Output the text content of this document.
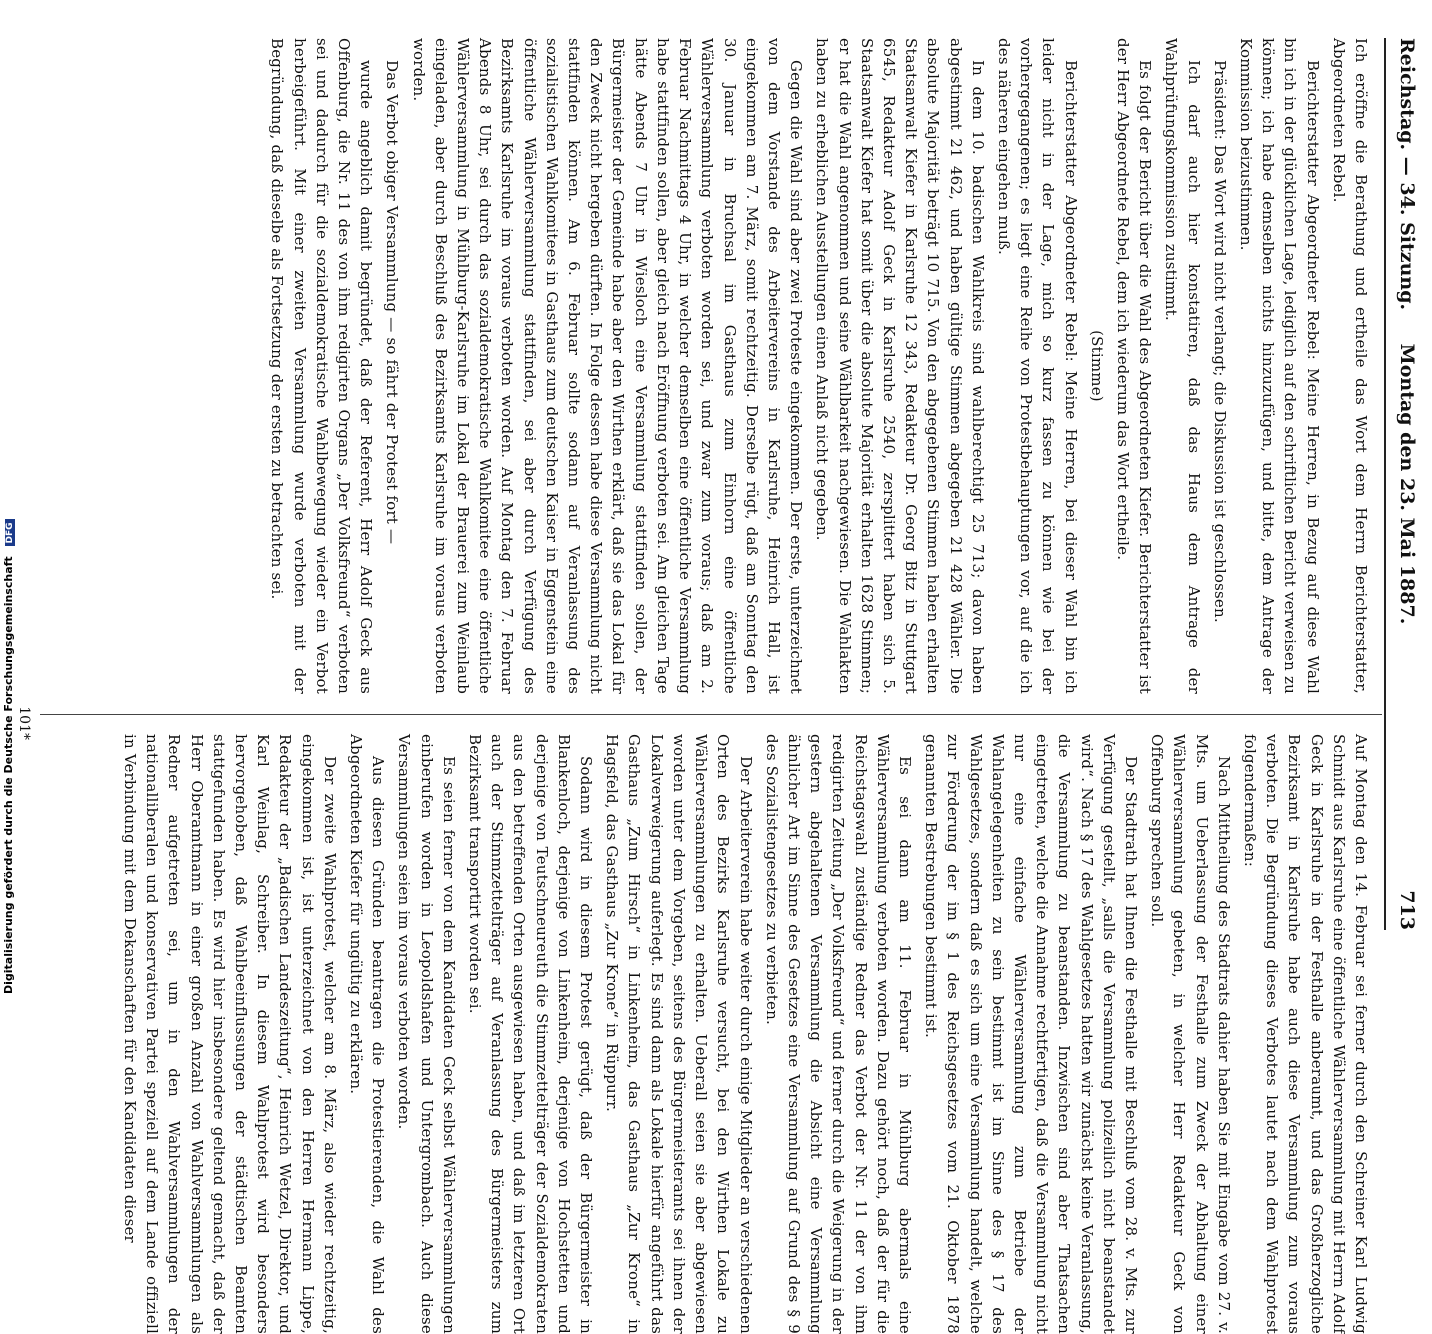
Reichstag. — 34. Sitzung.
Montag den 23. Mai 1887.
713

Ich eröffne die Berathung und ertheile das Wort dem Herrn Berichterstatter, Abgeordneten Rebel.

Berichterstatter Abgeordneter Rebel: Meine Herren, in Bezug auf diese Wahl bin ich in der glücklichen Lage, lediglich auf den schriftlichen Bericht verweisen zu können; ich habe demselben nichts hinzuzufügen, und bitte, dem Antrage der Kommission beizustimmen.

Präsident: Das Wort wird nicht verlangt; die Diskussion ist geschlossen.

Ich darf auch hier konstatiren, daß das Haus dem Antrage der Wahlprüfungskommission zustimmt.

Es folgt der Bericht über die Wahl des Abgeordneten Kiefer. Berichterstatter ist der Herr Abgeordnete Rebel, dem ich wiederum das Wort ertheile.

(Stimme)

Berichterstatter Abgeordneter Rebel: Meine Herren, bei dieser Wahl bin ich leider nicht in der Lage, mich so kurz fassen zu können wie bei der vorhergegangenen; es liegt eine Reihe von Protestbehauptungen vor, auf die ich des näheren eingehen muß.

In dem 10. badischen Wahlkreis sind wahlberechtigt 25 713; davon haben abgestimmt 21 462, und haben gültige Stimmen abgegeben 21 428 Wähler. Die absolute Majorität beträgt 10 715. Von den abgegebenen Stimmen haben erhalten Staatsanwalt Kiefer in Karlsruhe 12 343, Redakteur Dr. Georg Bitz in Stuttgart 6545, Redakteur Adolf Geck in Karlsruhe 2540, zersplittert haben sich 5. Staatsanwalt Kiefer hat somit über die absolute Majorität erhalten 1628 Stimmen; er hat die Wahl angenommen und seine Wählbarkeit nachgewiesen. Die Wahlakten haben zu erheblichen Ausstellungen einen Anlaß nicht gegeben.

Gegen die Wahl sind aber zwei Proteste eingekommen. Der erste, unterzeichnet von dem Vorstande des Arbeitervereins in Karlsruhe, Heinrich Hall, ist eingekommen am 7. März, somit rechtzeitig. Derselbe rügt, daß am Sonntag den 30. Januar in Bruchsal im Gasthaus zum Einhorn eine öffentliche Wählerversammlung verboten worden sei, und zwar zum voraus; daß am 2. Februar Nachmittags 4 Uhr, in welcher demselben eine öffentliche Versammlung habe stattfinden sollen, aber gleich nach Eröffnung verboten sei. Am gleichen Tage hätte Abends 7 Uhr in Wiesloch eine Versammlung stattfinden sollen, der Bürgermeister der Gemeinde habe aber den Wirthen erklärt, daß sie das Lokal für den Zweck nicht hergeben dürften. In Folge dessen habe diese Versammlung nicht stattfinden können. Am 6. Februar sollte sodann auf Veranlassung des sozialistischen Wahlkomitees in Gasthaus zum deutschen Kaiser in Eggenstein eine öffentliche Wählerversammlung stattfinden, sei aber durch Verfügung des Bezirksamts Karlsruhe im voraus verboten worden. Auf Montag den 7. Februar Abends 8 Uhr, sei durch das sozialdemokratische Wahlkomitee eine öffentliche Wählerversammlung in Mühlburg-Karlsruhe im Lokal der Brauerei zum Weinlaub eingeladen, aber durch Beschluß des Bezirksamts Karlsruhe im voraus verboten worden.

Das Verbot obiger Versammlung — so fährt der Protest fort —

wurde angeblich damit begründet, daß der Referent, Herr Adolf Geck aus Offenburg, die Nr. 11 des von ihm redigirten Organs „Der Volksfreund“ verboten sei und dadurch für die sozialdemokratische Wahlbewegung wieder ein Verbot herbeigeführt. Mit einer zweiten Versammlung wurde verboten mit der Begründung, daß dieselbe als Fortsetzung der ersten zu betrachten sei.

Auf Montag den 14. Februar sei ferner durch den Schreiner Karl Ludwig Schmidt aus Karlsruhe eine öffentliche Wählerversammlung mit Herrn Adolf Geck in Karlsruhe in der Festhalle anberaumt, und das Großherzogliche Bezirksamt in Karlsruhe habe auch diese Versammlung zum voraus verboten. Die Begründung dieses Verbotes lautet nach dem Wahlprotest folgendermaßen:

Nach Mittheilung des Stadtrats dahier haben Sie mit Eingabe vom 27. v. Mts. um Ueberlassung der Festhalle zum Zweck der Abhaltung einer Wählerversammlung gebeten, in welcher Herr Redakteur Geck von Offenburg sprechen soll.

Der Stadtrath hat Ihnen die Festhalle mit Beschluß vom 28. v. Mts. zur Verfügung gestellt, „salls die Versammlung polizeilich nicht beanstandet wird“. Nach § 17 des Wahlgesetzes hatten wir zunächst keine Veranlassung, die Versammlung zu beanstanden. Inzwischen sind aber Thatsachen eingetreten, welche die Annahme rechtfertigen, daß die Versammlung nicht nur eine einfache Wählerversammlung zum Betriebe der Wahlangelegenheiten zu sein bestimmt ist im Sinne des § 17 des Wahlgesetzes, sondern daß es sich um eine Versammlung handelt, welche zur Förderung der im § 1 des Reichsgesetzes vom 21. Oktober 1878 genannten Bestrebungen bestimmt ist.

Es sei dann am 11. Februar in Mühlburg abermals eine Wählerversammlung verboten worden. Dazu gehört noch, daß der für die Reichstagswahl zuständige Redner das Verbot der Nr. 11 der von ihm redigirten Zeitung „Der Volksfreund“ und ferner durch die Weigerung in der gestern abgehaltenen Versammlung die Absicht eine Versammlung ähnlicher Art im Sinne des Gesetzes eine Versammlung auf Grund des § 9 des Sozialistengesetzes zu verbieten.

Der Arbeiterverein habe weiter durch einige Mitglieder an verschiedenen Orten des Bezirks Karlsruhe versucht, bei den Wirthen Lokale zu Wählerversammlungen zu erhalten. Ueberall seien sie aber abgewiesen worden unter dem Vorgeben, seitens des Bürgermeisteramts sei ihnen der Lokalverweigerung auferlegt. Es sind dann als Lokale hierfür angeführt das Gasthaus „Zum Hirsch“ in Linkenheim, das Gasthaus „Zur Krone“ in Hagsfeld, das Gasthaus „Zur Krone“ in Rüppurr.

Sodann wird in diesem Protest gerügt, daß der Bürgermeister in Blankenloch, derjenige von Linkenheim, derjenige von Hochstetten und derjenige von Teutschneureuth die Stimmzettelträger der Sozialdemokraten aus den betreffenden Orten ausgewiesen haben, und daß im letzteren Ort auch der Stimmzettelträger auf Veranlassung des Bürgermeisters zum Bezirksamt transportirt worden sei.

Es seien ferner von dem Kandidaten Geck selbst Wählerversammlungen einberufen worden in Leopoldshafen und Untergrombach. Auch diese Versammlungen seien im voraus verboten worden.

Aus diesen Gründen beantragen die Protestierenden, die Wahl des Abgeordneten Kiefer für ungültig zu erklären.

Der zweite Wahlprotest, welcher am 8. März, also wieder rechtzeitig, eingekommen ist, ist unterzeichnet von den Herren Hermann Lippe, Redakteur der „Badischen Landeszeitung“, Heinrich Wetzel, Direktor, und Karl Weinlag, Schreiber. In diesem Wahlprotest wird besonders hervorgehoben, daß Wahlbeeinflussungen der städtischen Beamten stattgefunden haben. Es wird hier insbesondere geltend gemacht, daß der Herr Oberamtmann in einer großen Anzahl von Wahlversammlungen als Redner aufgetreten sei, um in den Wahlversammlungen der nationalliberalen und konservativen Partei speziell auf dem Lande offiziell in Verbindung mit dem Dekanschaften für den Kandidaten dieser

101*
Digitalisierung gefördert durch die Deutsche Forschungsgemeinschaft DFG
